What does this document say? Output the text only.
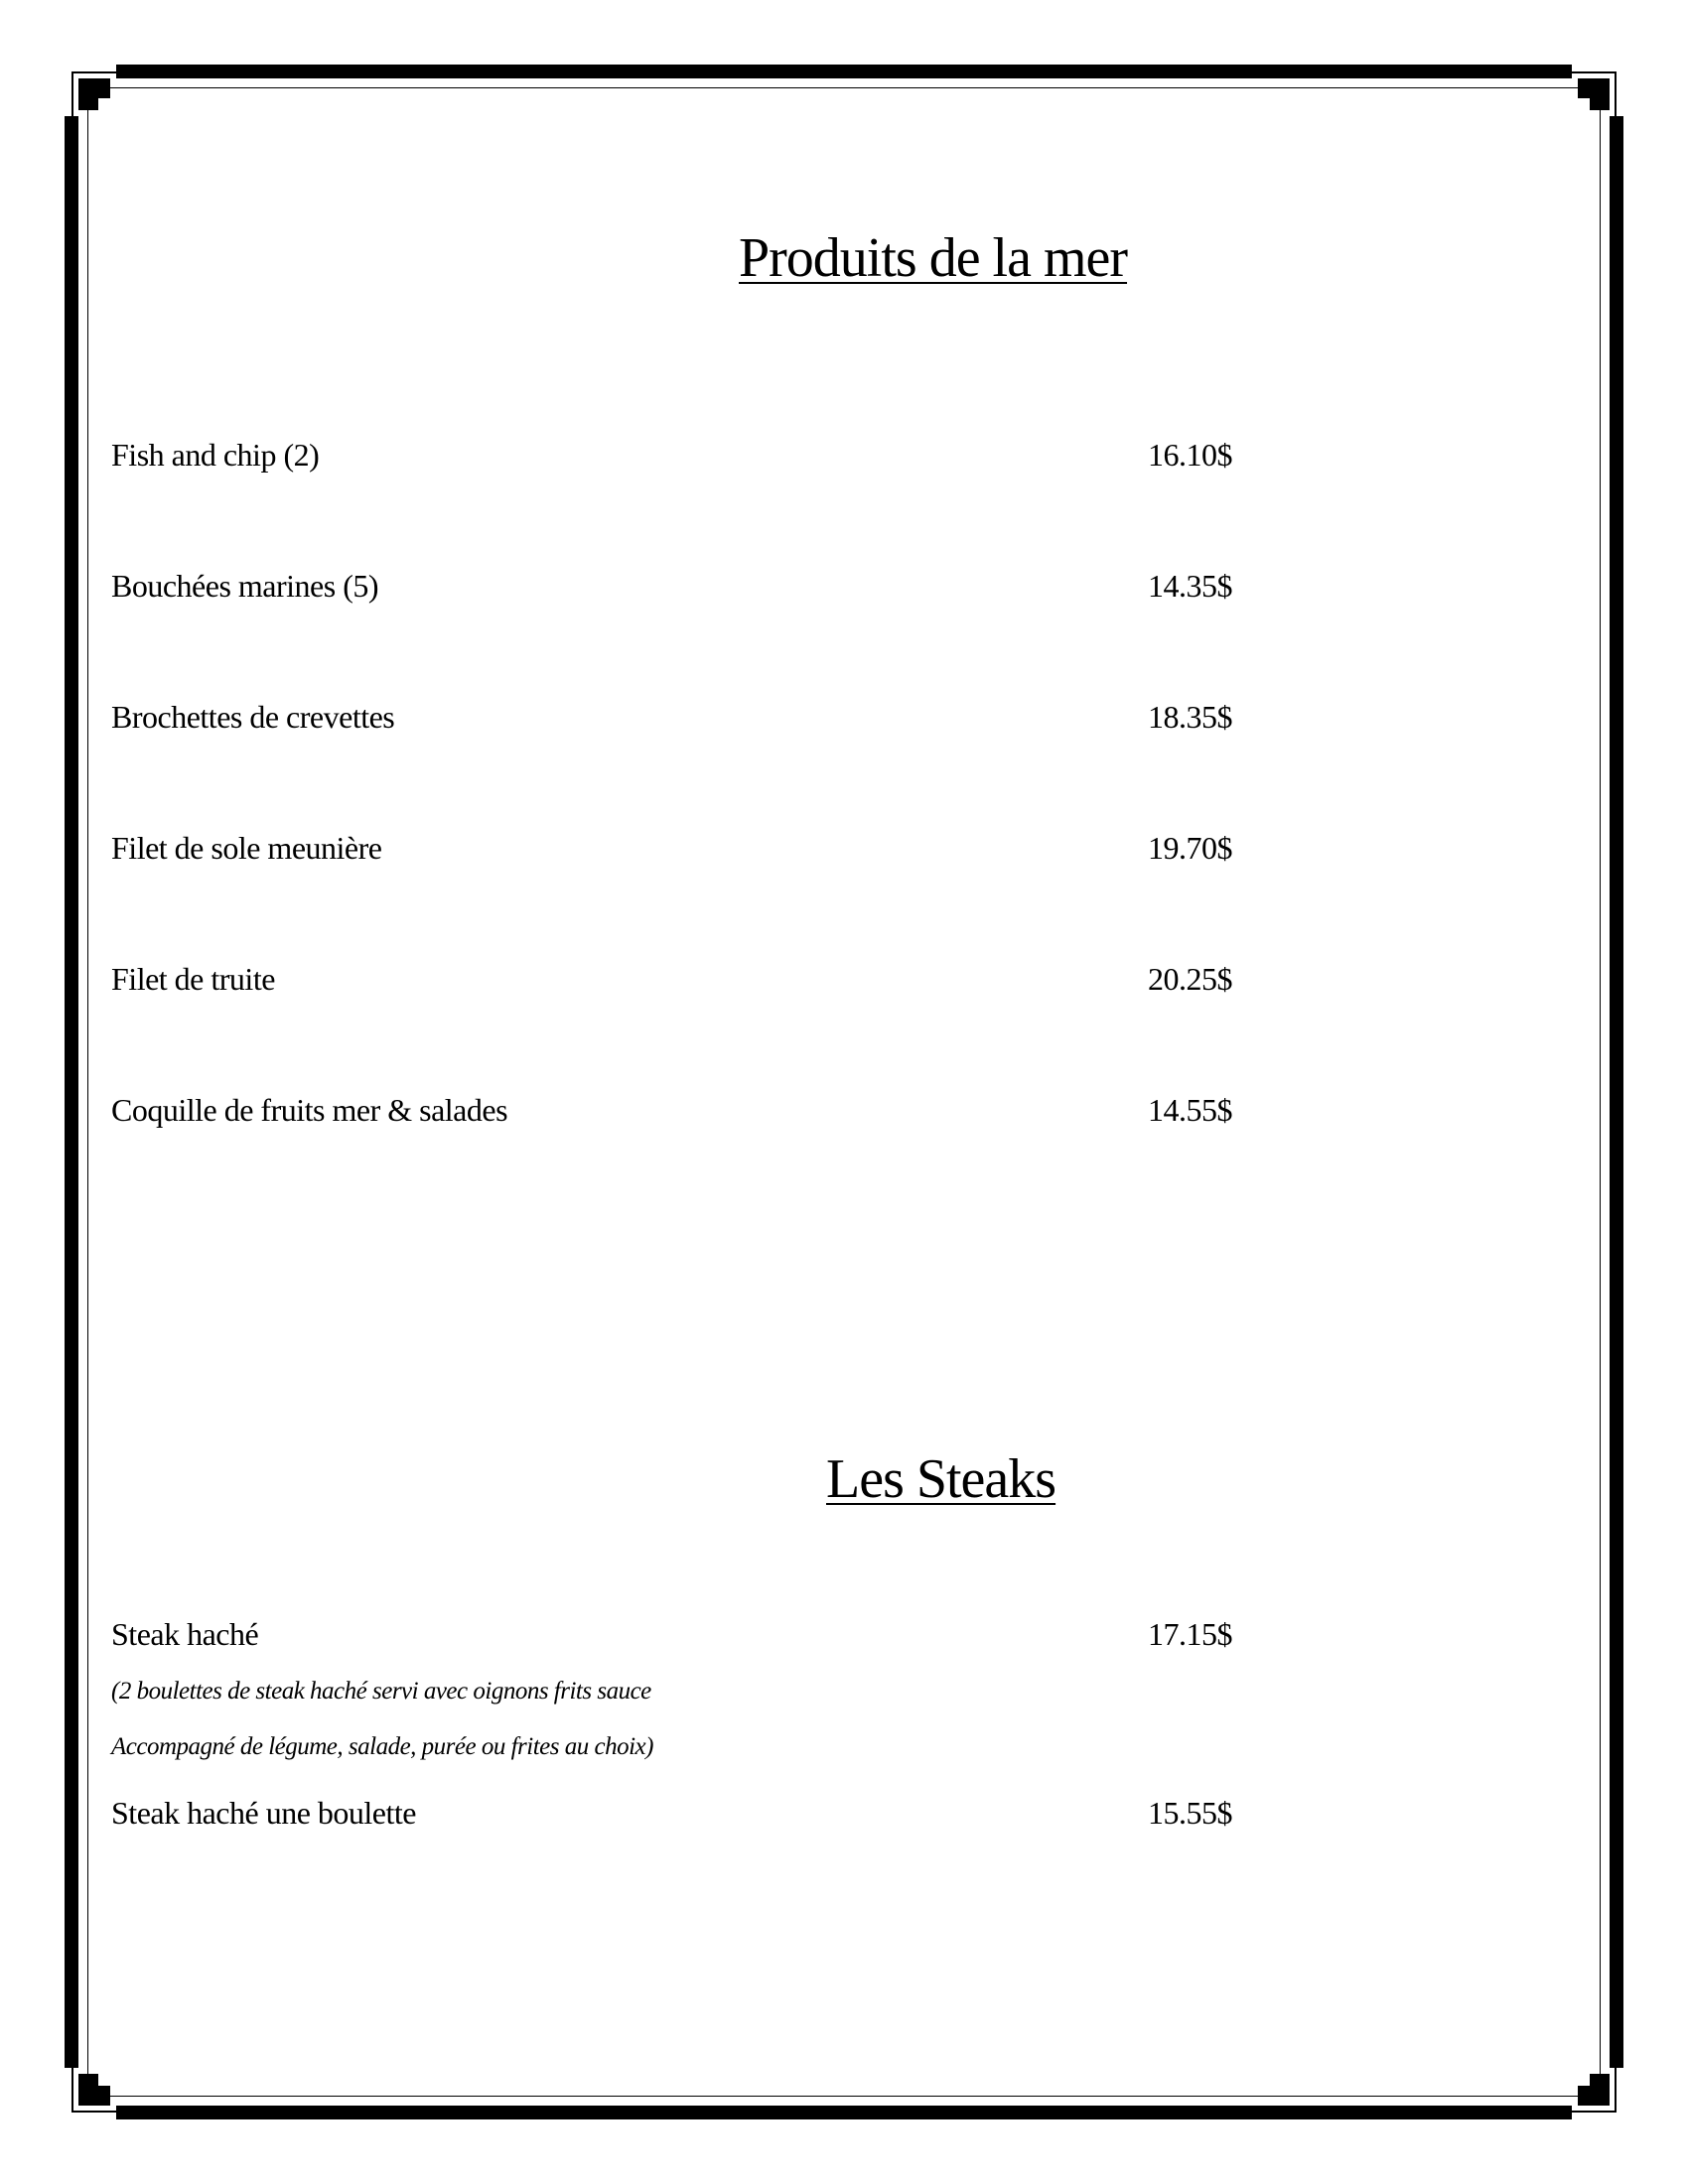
Produits de la mer
Fish and chip (2)	16.10$
Bouchées marines (5)	14.35$
Brochettes de crevettes	18.35$
Filet de sole meunière	19.70$
Filet de truite	20.25$
Coquille de fruits mer & salades	14.55$
Les Steaks
Steak haché	17.15$
(2 boulettes de steak haché servi avec oignons frits sauce
Accompagné de légume, salade, purée ou frites au choix)
Steak haché une boulette	15.55$
